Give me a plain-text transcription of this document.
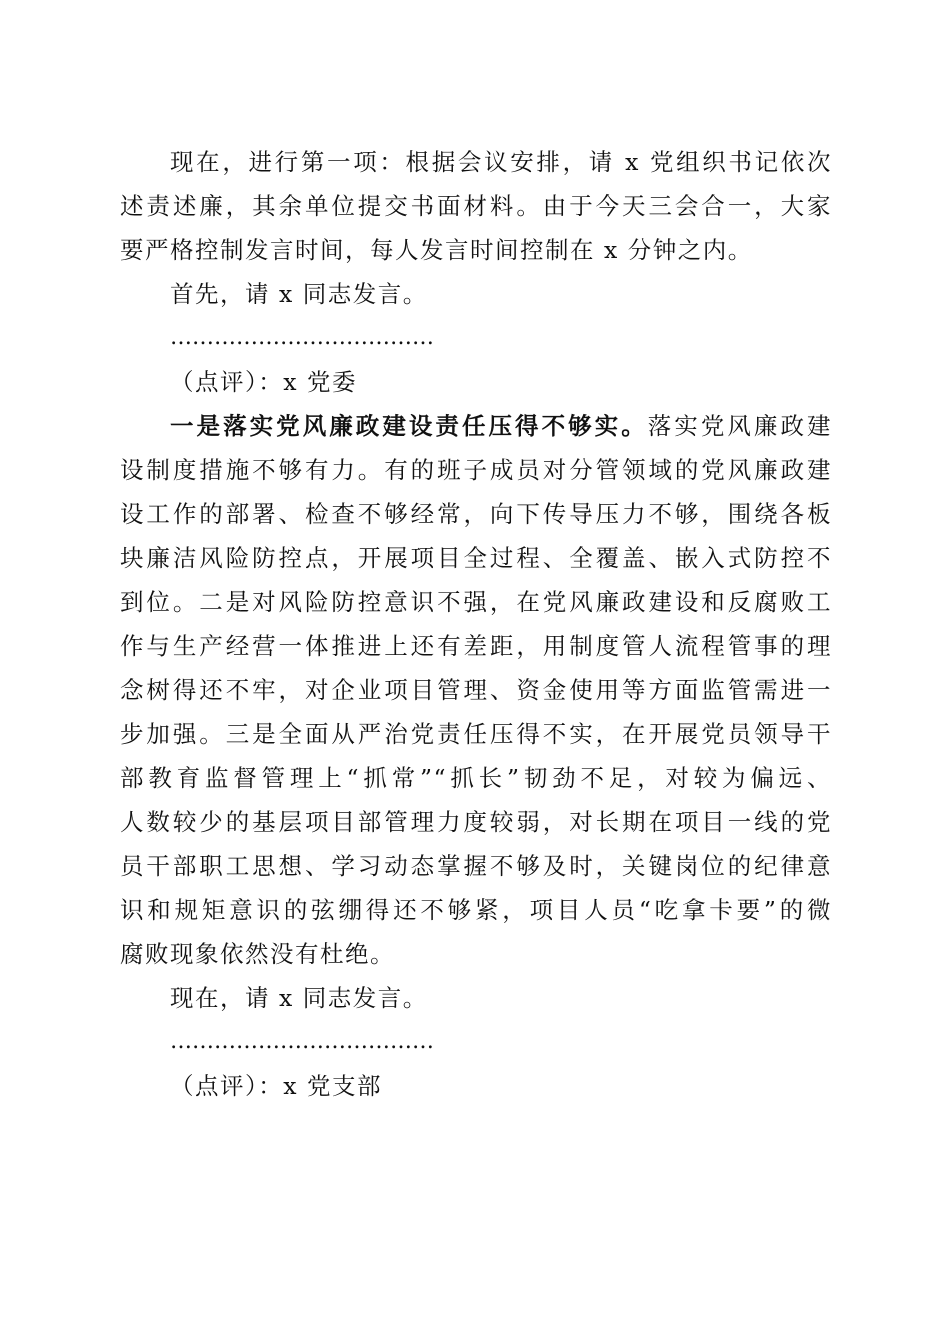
现在，进行第一项：根据会议安排，请 x 党组织书记依次
述责述廉，其余单位提交书面材料。由于今天三会合一，大家
要严格控制发言时间，每人发言时间控制在 x 分钟之内。
首先，请 x 同志发言。
………………………………
（点评）：x 党委
一是落实党风廉政建设责任压得不够实。落实党风廉政建
设制度措施不够有力。有的班子成员对分管领域的党风廉政建
设工作的部署、检查不够经常，向下传导压力不够，围绕各板
块廉洁风险防控点，开展项目全过程、全覆盖、嵌入式防控不
到位。二是对风险防控意识不强，在党风廉政建设和反腐败工
作与生产经营一体推进上还有差距，用制度管人流程管事的理
念树得还不牢，对企业项目管理、资金使用等方面监管需进一
步加强。三是全面从严治党责任压得不实，在开展党员领导干
部教育监督管理上“抓常”“抓长”韧劲不足，对较为偏远、
人数较少的基层项目部管理力度较弱，对长期在项目一线的党
员干部职工思想、学习动态掌握不够及时，关键岗位的纪律意
识和规矩意识的弦绷得还不够紧，项目人员“吃拿卡要”的微
腐败现象依然没有杜绝。
现在，请 x 同志发言。
………………………………
（点评）：x 党支部
